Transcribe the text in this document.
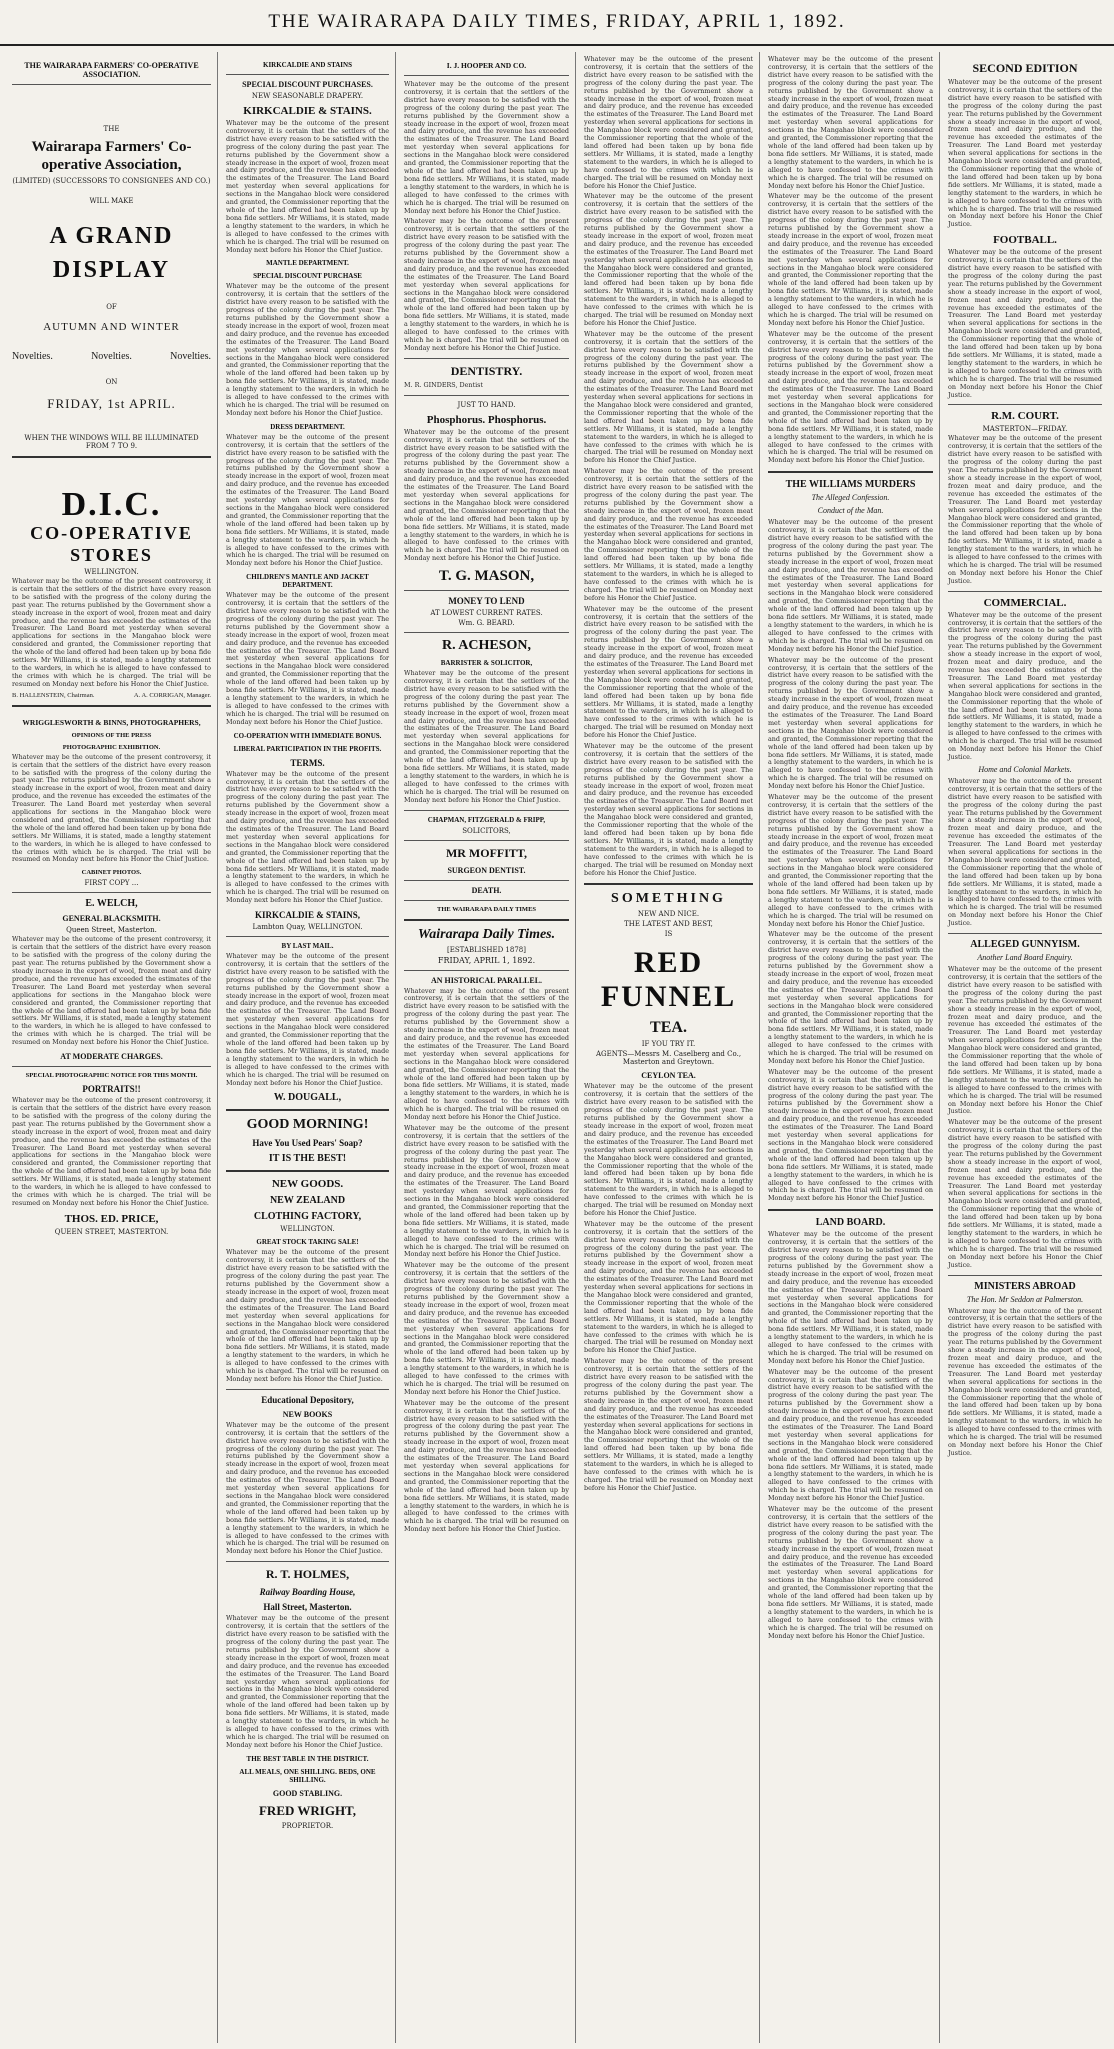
THE WAIRARAPA DAILY TIMES, FRIDAY, APRIL 1, 1892.
THE WAIRARAPA FARMERS' CO-OPERATIVE ASSOCIATION.
THE
Wairarapa Farmers' Co-operative Association,
(LIMITED) (SUCCESSORS TO CONSIGNEES AND CO.)
WILL MAKE
A GRAND DISPLAY
OF
AUTUMN AND WINTER
Novelties.	Novelties.	Novelties.
ON
FRIDAY, 1st APRIL.
WHEN THE WINDOWS WILL BE ILLUMINATED FROM 7 TO 9.
D.I.C.
CO-OPERATIVE STORES
WELLINGTON.

Whatever may be the outcome of the present controversy, it is certain that the settlers of the district have every reason to be satisfied with the progress of the colony during the past year. The returns published by the Government show a steady increase in the export of wool, frozen meat and dairy produce, and the revenue has exceeded the estimates of the Treasurer. The Land Board met yesterday when several applications for sections in the Mangahao block were considered and granted, the Commissioner reporting that the whole of the land offered had been taken up by bona fide settlers. Mr Williams, it is stated, made a lengthy statement to the warders, in which he is alleged to have confessed to the crimes with which he is charged. The trial will be resumed on Monday next before his Honor the Chief Justice.

B. HALLENSTEIN, Chairman.	A. A. CORRIGAN, Manager.
WRIGGLESWORTH & BINNS, PHOTOGRAPHERS,
OPINIONS OF THE PRESS
PHOTOGRAPHIC EXHIBITION.

Whatever may be the outcome of the present controversy, it is certain that the settlers of the district have every reason to be satisfied with the progress of the colony during the past year. The returns published by the Government show a steady increase in the export of wool, frozen meat and dairy produce, and the revenue has exceeded the estimates of the Treasurer. The Land Board met yesterday when several applications for sections in the Mangahao block were considered and granted, the Commissioner reporting that the whole of the land offered had been taken up by bona fide settlers. Mr Williams, it is stated, made a lengthy statement to the warders, in which he is alleged to have confessed to the crimes with which he is charged. The trial will be resumed on Monday next before his Honor the Chief Justice.

CABINET PHOTOS.
FIRST COPY ...
E. WELCH,
GENERAL BLACKSMITH.
Queen Street, Masterton.

Whatever may be the outcome of the present controversy, it is certain that the settlers of the district have every reason to be satisfied with the progress of the colony during the past year. The returns published by the Government show a steady increase in the export of wool, frozen meat and dairy produce, and the revenue has exceeded the estimates of the Treasurer. The Land Board met yesterday when several applications for sections in the Mangahao block were considered and granted, the Commissioner reporting that the whole of the land offered had been taken up by bona fide settlers. Mr Williams, it is stated, made a lengthy statement to the warders, in which he is alleged to have confessed to the crimes with which he is charged. The trial will be resumed on Monday next before his Honor the Chief Justice.

AT MODERATE CHARGES.
SPECIAL PHOTOGRAPHIC NOTICE FOR THIS MONTH.
PORTRAITS!!

Whatever may be the outcome of the present controversy, it is certain that the settlers of the district have every reason to be satisfied with the progress of the colony during the past year. The returns published by the Government show a steady increase in the export of wool, frozen meat and dairy produce, and the revenue has exceeded the estimates of the Treasurer. The Land Board met yesterday when several applications for sections in the Mangahao block were considered and granted, the Commissioner reporting that the whole of the land offered had been taken up by bona fide settlers. Mr Williams, it is stated, made a lengthy statement to the warders, in which he is alleged to have confessed to the crimes with which he is charged. The trial will be resumed on Monday next before his Honor the Chief Justice.

THOS. ED. PRICE,
QUEEN STREET, MASTERTON.
KIRKCALDIE AND STAINS
SPECIAL DISCOUNT PURCHASES.
NEW SEASONABLE DRAPERY.
KIRKCALDIE & STAINS.

Whatever may be the outcome of the present controversy, it is certain that the settlers of the district have every reason to be satisfied with the progress of the colony during the past year. The returns published by the Government show a steady increase in the export of wool, frozen meat and dairy produce, and the revenue has exceeded the estimates of the Treasurer. The Land Board met yesterday when several applications for sections in the Mangahao block were considered and granted, the Commissioner reporting that the whole of the land offered had been taken up by bona fide settlers. Mr Williams, it is stated, made a lengthy statement to the warders, in which he is alleged to have confessed to the crimes with which he is charged. The trial will be resumed on Monday next before his Honor the Chief Justice.

MANTLE DEPARTMENT.
SPECIAL DISCOUNT PURCHASE

Whatever may be the outcome of the present controversy, it is certain that the settlers of the district have every reason to be satisfied with the progress of the colony during the past year. The returns published by the Government show a steady increase in the export of wool, frozen meat and dairy produce, and the revenue has exceeded the estimates of the Treasurer. The Land Board met yesterday when several applications for sections in the Mangahao block were considered and granted, the Commissioner reporting that the whole of the land offered had been taken up by bona fide settlers. Mr Williams, it is stated, made a lengthy statement to the warders, in which he is alleged to have confessed to the crimes with which he is charged. The trial will be resumed on Monday next before his Honor the Chief Justice.

DRESS DEPARTMENT.

Whatever may be the outcome of the present controversy, it is certain that the settlers of the district have every reason to be satisfied with the progress of the colony during the past year. The returns published by the Government show a steady increase in the export of wool, frozen meat and dairy produce, and the revenue has exceeded the estimates of the Treasurer. The Land Board met yesterday when several applications for sections in the Mangahao block were considered and granted, the Commissioner reporting that the whole of the land offered had been taken up by bona fide settlers. Mr Williams, it is stated, made a lengthy statement to the warders, in which he is alleged to have confessed to the crimes with which he is charged. The trial will be resumed on Monday next before his Honor the Chief Justice.

CHILDREN'S MANTLE AND JACKET DEPARTMENT.

Whatever may be the outcome of the present controversy, it is certain that the settlers of the district have every reason to be satisfied with the progress of the colony during the past year. The returns published by the Government show a steady increase in the export of wool, frozen meat and dairy produce, and the revenue has exceeded the estimates of the Treasurer. The Land Board met yesterday when several applications for sections in the Mangahao block were considered and granted, the Commissioner reporting that the whole of the land offered had been taken up by bona fide settlers. Mr Williams, it is stated, made a lengthy statement to the warders, in which he is alleged to have confessed to the crimes with which he is charged. The trial will be resumed on Monday next before his Honor the Chief Justice.

CO-OPERATION WITH IMMEDIATE BONUS.
LIBERAL PARTICIPATION IN THE PROFITS.
TERMS.

Whatever may be the outcome of the present controversy, it is certain that the settlers of the district have every reason to be satisfied with the progress of the colony during the past year. The returns published by the Government show a steady increase in the export of wool, frozen meat and dairy produce, and the revenue has exceeded the estimates of the Treasurer. The Land Board met yesterday when several applications for sections in the Mangahao block were considered and granted, the Commissioner reporting that the whole of the land offered had been taken up by bona fide settlers. Mr Williams, it is stated, made a lengthy statement to the warders, in which he is alleged to have confessed to the crimes with which he is charged. The trial will be resumed on Monday next before his Honor the Chief Justice.

KIRKCALDIE & STAINS,
Lambton Quay, WELLINGTON.
BY LAST MAIL.

Whatever may be the outcome of the present controversy, it is certain that the settlers of the district have every reason to be satisfied with the progress of the colony during the past year. The returns published by the Government show a steady increase in the export of wool, frozen meat and dairy produce, and the revenue has exceeded the estimates of the Treasurer. The Land Board met yesterday when several applications for sections in the Mangahao block were considered and granted, the Commissioner reporting that the whole of the land offered had been taken up by bona fide settlers. Mr Williams, it is stated, made a lengthy statement to the warders, in which he is alleged to have confessed to the crimes with which he is charged. The trial will be resumed on Monday next before his Honor the Chief Justice.

W. DOUGALL,
GOOD MORNING!
Have You Used Pears' Soap?
IT IS THE BEST!
NEW GOODS.
NEW ZEALAND
CLOTHING FACTORY,
WELLINGTON.
GREAT STOCK TAKING SALE!

Whatever may be the outcome of the present controversy, it is certain that the settlers of the district have every reason to be satisfied with the progress of the colony during the past year. The returns published by the Government show a steady increase in the export of wool, frozen meat and dairy produce, and the revenue has exceeded the estimates of the Treasurer. The Land Board met yesterday when several applications for sections in the Mangahao block were considered and granted, the Commissioner reporting that the whole of the land offered had been taken up by bona fide settlers. Mr Williams, it is stated, made a lengthy statement to the warders, in which he is alleged to have confessed to the crimes with which he is charged. The trial will be resumed on Monday next before his Honor the Chief Justice.

Educational Depository,
NEW BOOKS

Whatever may be the outcome of the present controversy, it is certain that the settlers of the district have every reason to be satisfied with the progress of the colony during the past year. The returns published by the Government show a steady increase in the export of wool, frozen meat and dairy produce, and the revenue has exceeded the estimates of the Treasurer. The Land Board met yesterday when several applications for sections in the Mangahao block were considered and granted, the Commissioner reporting that the whole of the land offered had been taken up by bona fide settlers. Mr Williams, it is stated, made a lengthy statement to the warders, in which he is alleged to have confessed to the crimes with which he is charged. The trial will be resumed on Monday next before his Honor the Chief Justice.

R. T. HOLMES,
Railway Boarding House,
Hall Street, Masterton.

Whatever may be the outcome of the present controversy, it is certain that the settlers of the district have every reason to be satisfied with the progress of the colony during the past year. The returns published by the Government show a steady increase in the export of wool, frozen meat and dairy produce, and the revenue has exceeded the estimates of the Treasurer. The Land Board met yesterday when several applications for sections in the Mangahao block were considered and granted, the Commissioner reporting that the whole of the land offered had been taken up by bona fide settlers. Mr Williams, it is stated, made a lengthy statement to the warders, in which he is alleged to have confessed to the crimes with which he is charged. The trial will be resumed on Monday next before his Honor the Chief Justice.

THE BEST TABLE IN THE DISTRICT.
ALL MEALS, ONE SHILLING. BEDS, ONE SHILLING.
GOOD STABLING.
FRED WRIGHT,
PROPRIETOR.
I. J. HOOPER AND CO.

Whatever may be the outcome of the present controversy, it is certain that the settlers of the district have every reason to be satisfied with the progress of the colony during the past year. The returns published by the Government show a steady increase in the export of wool, frozen meat and dairy produce, and the revenue has exceeded the estimates of the Treasurer. The Land Board met yesterday when several applications for sections in the Mangahao block were considered and granted, the Commissioner reporting that the whole of the land offered had been taken up by bona fide settlers. Mr Williams, it is stated, made a lengthy statement to the warders, in which he is alleged to have confessed to the crimes with which he is charged. The trial will be resumed on Monday next before his Honor the Chief Justice.

Whatever may be the outcome of the present controversy, it is certain that the settlers of the district have every reason to be satisfied with the progress of the colony during the past year. The returns published by the Government show a steady increase in the export of wool, frozen meat and dairy produce, and the revenue has exceeded the estimates of the Treasurer. The Land Board met yesterday when several applications for sections in the Mangahao block were considered and granted, the Commissioner reporting that the whole of the land offered had been taken up by bona fide settlers. Mr Williams, it is stated, made a lengthy statement to the warders, in which he is alleged to have confessed to the crimes with which he is charged. The trial will be resumed on Monday next before his Honor the Chief Justice.

DENTISTRY.

M. R. GINDERS, Dentist

JUST TO HAND.
Phosphorus. Phosphorus.

Whatever may be the outcome of the present controversy, it is certain that the settlers of the district have every reason to be satisfied with the progress of the colony during the past year. The returns published by the Government show a steady increase in the export of wool, frozen meat and dairy produce, and the revenue has exceeded the estimates of the Treasurer. The Land Board met yesterday when several applications for sections in the Mangahao block were considered and granted, the Commissioner reporting that the whole of the land offered had been taken up by bona fide settlers. Mr Williams, it is stated, made a lengthy statement to the warders, in which he is alleged to have confessed to the crimes with which he is charged. The trial will be resumed on Monday next before his Honor the Chief Justice.

T. G. MASON,
MONEY TO LEND
AT LOWEST CURRENT RATES.
Wm. G. BEARD.
R. ACHESON,
BARRISTER & SOLICITOR,

Whatever may be the outcome of the present controversy, it is certain that the settlers of the district have every reason to be satisfied with the progress of the colony during the past year. The returns published by the Government show a steady increase in the export of wool, frozen meat and dairy produce, and the revenue has exceeded the estimates of the Treasurer. The Land Board met yesterday when several applications for sections in the Mangahao block were considered and granted, the Commissioner reporting that the whole of the land offered had been taken up by bona fide settlers. Mr Williams, it is stated, made a lengthy statement to the warders, in which he is alleged to have confessed to the crimes with which he is charged. The trial will be resumed on Monday next before his Honor the Chief Justice.

CHAPMAN, FITZGERALD & FRIPP,
SOLICITORS,
MR MOFFITT,
SURGEON DENTIST.
DEATH.
THE WAIRARAPA DAILY TIMES
Wairarapa Daily Times.
[ESTABLISHED 1878]
FRIDAY, APRIL 1, 1892.
AN HISTORICAL PARALLEL.

Whatever may be the outcome of the present controversy, it is certain that the settlers of the district have every reason to be satisfied with the progress of the colony during the past year. The returns published by the Government show a steady increase in the export of wool, frozen meat and dairy produce, and the revenue has exceeded the estimates of the Treasurer. The Land Board met yesterday when several applications for sections in the Mangahao block were considered and granted, the Commissioner reporting that the whole of the land offered had been taken up by bona fide settlers. Mr Williams, it is stated, made a lengthy statement to the warders, in which he is alleged to have confessed to the crimes with which he is charged. The trial will be resumed on Monday next before his Honor the Chief Justice.

Whatever may be the outcome of the present controversy, it is certain that the settlers of the district have every reason to be satisfied with the progress of the colony during the past year. The returns published by the Government show a steady increase in the export of wool, frozen meat and dairy produce, and the revenue has exceeded the estimates of the Treasurer. The Land Board met yesterday when several applications for sections in the Mangahao block were considered and granted, the Commissioner reporting that the whole of the land offered had been taken up by bona fide settlers. Mr Williams, it is stated, made a lengthy statement to the warders, in which he is alleged to have confessed to the crimes with which he is charged. The trial will be resumed on Monday next before his Honor the Chief Justice.

Whatever may be the outcome of the present controversy, it is certain that the settlers of the district have every reason to be satisfied with the progress of the colony during the past year. The returns published by the Government show a steady increase in the export of wool, frozen meat and dairy produce, and the revenue has exceeded the estimates of the Treasurer. The Land Board met yesterday when several applications for sections in the Mangahao block were considered and granted, the Commissioner reporting that the whole of the land offered had been taken up by bona fide settlers. Mr Williams, it is stated, made a lengthy statement to the warders, in which he is alleged to have confessed to the crimes with which he is charged. The trial will be resumed on Monday next before his Honor the Chief Justice.

Whatever may be the outcome of the present controversy, it is certain that the settlers of the district have every reason to be satisfied with the progress of the colony during the past year. The returns published by the Government show a steady increase in the export of wool, frozen meat and dairy produce, and the revenue has exceeded the estimates of the Treasurer. The Land Board met yesterday when several applications for sections in the Mangahao block were considered and granted, the Commissioner reporting that the whole of the land offered had been taken up by bona fide settlers. Mr Williams, it is stated, made a lengthy statement to the warders, in which he is alleged to have confessed to the crimes with which he is charged. The trial will be resumed on Monday next before his Honor the Chief Justice.

Whatever may be the outcome of the present controversy, it is certain that the settlers of the district have every reason to be satisfied with the progress of the colony during the past year. The returns published by the Government show a steady increase in the export of wool, frozen meat and dairy produce, and the revenue has exceeded the estimates of the Treasurer. The Land Board met yesterday when several applications for sections in the Mangahao block were considered and granted, the Commissioner reporting that the whole of the land offered had been taken up by bona fide settlers. Mr Williams, it is stated, made a lengthy statement to the warders, in which he is alleged to have confessed to the crimes with which he is charged. The trial will be resumed on Monday next before his Honor the Chief Justice.

Whatever may be the outcome of the present controversy, it is certain that the settlers of the district have every reason to be satisfied with the progress of the colony during the past year. The returns published by the Government show a steady increase in the export of wool, frozen meat and dairy produce, and the revenue has exceeded the estimates of the Treasurer. The Land Board met yesterday when several applications for sections in the Mangahao block were considered and granted, the Commissioner reporting that the whole of the land offered had been taken up by bona fide settlers. Mr Williams, it is stated, made a lengthy statement to the warders, in which he is alleged to have confessed to the crimes with which he is charged. The trial will be resumed on Monday next before his Honor the Chief Justice.

Whatever may be the outcome of the present controversy, it is certain that the settlers of the district have every reason to be satisfied with the progress of the colony during the past year. The returns published by the Government show a steady increase in the export of wool, frozen meat and dairy produce, and the revenue has exceeded the estimates of the Treasurer. The Land Board met yesterday when several applications for sections in the Mangahao block were considered and granted, the Commissioner reporting that the whole of the land offered had been taken up by bona fide settlers. Mr Williams, it is stated, made a lengthy statement to the warders, in which he is alleged to have confessed to the crimes with which he is charged. The trial will be resumed on Monday next before his Honor the Chief Justice.

Whatever may be the outcome of the present controversy, it is certain that the settlers of the district have every reason to be satisfied with the progress of the colony during the past year. The returns published by the Government show a steady increase in the export of wool, frozen meat and dairy produce, and the revenue has exceeded the estimates of the Treasurer. The Land Board met yesterday when several applications for sections in the Mangahao block were considered and granted, the Commissioner reporting that the whole of the land offered had been taken up by bona fide settlers. Mr Williams, it is stated, made a lengthy statement to the warders, in which he is alleged to have confessed to the crimes with which he is charged. The trial will be resumed on Monday next before his Honor the Chief Justice.

Whatever may be the outcome of the present controversy, it is certain that the settlers of the district have every reason to be satisfied with the progress of the colony during the past year. The returns published by the Government show a steady increase in the export of wool, frozen meat and dairy produce, and the revenue has exceeded the estimates of the Treasurer. The Land Board met yesterday when several applications for sections in the Mangahao block were considered and granted, the Commissioner reporting that the whole of the land offered had been taken up by bona fide settlers. Mr Williams, it is stated, made a lengthy statement to the warders, in which he is alleged to have confessed to the crimes with which he is charged. The trial will be resumed on Monday next before his Honor the Chief Justice.

Whatever may be the outcome of the present controversy, it is certain that the settlers of the district have every reason to be satisfied with the progress of the colony during the past year. The returns published by the Government show a steady increase in the export of wool, frozen meat and dairy produce, and the revenue has exceeded the estimates of the Treasurer. The Land Board met yesterday when several applications for sections in the Mangahao block were considered and granted, the Commissioner reporting that the whole of the land offered had been taken up by bona fide settlers. Mr Williams, it is stated, made a lengthy statement to the warders, in which he is alleged to have confessed to the crimes with which he is charged. The trial will be resumed on Monday next before his Honor the Chief Justice.

SOMETHING
NEW AND NICE.
THE LATEST AND BEST,
IS
RED FUNNEL
TEA.
IF YOU TRY IT.
AGENTS—Messrs M. Caselberg and Co., Masterton and Greytown.
CEYLON TEA.

Whatever may be the outcome of the present controversy, it is certain that the settlers of the district have every reason to be satisfied with the progress of the colony during the past year. The returns published by the Government show a steady increase in the export of wool, frozen meat and dairy produce, and the revenue has exceeded the estimates of the Treasurer. The Land Board met yesterday when several applications for sections in the Mangahao block were considered and granted, the Commissioner reporting that the whole of the land offered had been taken up by bona fide settlers. Mr Williams, it is stated, made a lengthy statement to the warders, in which he is alleged to have confessed to the crimes with which he is charged. The trial will be resumed on Monday next before his Honor the Chief Justice.

Whatever may be the outcome of the present controversy, it is certain that the settlers of the district have every reason to be satisfied with the progress of the colony during the past year. The returns published by the Government show a steady increase in the export of wool, frozen meat and dairy produce, and the revenue has exceeded the estimates of the Treasurer. The Land Board met yesterday when several applications for sections in the Mangahao block were considered and granted, the Commissioner reporting that the whole of the land offered had been taken up by bona fide settlers. Mr Williams, it is stated, made a lengthy statement to the warders, in which he is alleged to have confessed to the crimes with which he is charged. The trial will be resumed on Monday next before his Honor the Chief Justice.

Whatever may be the outcome of the present controversy, it is certain that the settlers of the district have every reason to be satisfied with the progress of the colony during the past year. The returns published by the Government show a steady increase in the export of wool, frozen meat and dairy produce, and the revenue has exceeded the estimates of the Treasurer. The Land Board met yesterday when several applications for sections in the Mangahao block were considered and granted, the Commissioner reporting that the whole of the land offered had been taken up by bona fide settlers. Mr Williams, it is stated, made a lengthy statement to the warders, in which he is alleged to have confessed to the crimes with which he is charged. The trial will be resumed on Monday next before his Honor the Chief Justice.

Whatever may be the outcome of the present controversy, it is certain that the settlers of the district have every reason to be satisfied with the progress of the colony during the past year. The returns published by the Government show a steady increase in the export of wool, frozen meat and dairy produce, and the revenue has exceeded the estimates of the Treasurer. The Land Board met yesterday when several applications for sections in the Mangahao block were considered and granted, the Commissioner reporting that the whole of the land offered had been taken up by bona fide settlers. Mr Williams, it is stated, made a lengthy statement to the warders, in which he is alleged to have confessed to the crimes with which he is charged. The trial will be resumed on Monday next before his Honor the Chief Justice.

Whatever may be the outcome of the present controversy, it is certain that the settlers of the district have every reason to be satisfied with the progress of the colony during the past year. The returns published by the Government show a steady increase in the export of wool, frozen meat and dairy produce, and the revenue has exceeded the estimates of the Treasurer. The Land Board met yesterday when several applications for sections in the Mangahao block were considered and granted, the Commissioner reporting that the whole of the land offered had been taken up by bona fide settlers. Mr Williams, it is stated, made a lengthy statement to the warders, in which he is alleged to have confessed to the crimes with which he is charged. The trial will be resumed on Monday next before his Honor the Chief Justice.

Whatever may be the outcome of the present controversy, it is certain that the settlers of the district have every reason to be satisfied with the progress of the colony during the past year. The returns published by the Government show a steady increase in the export of wool, frozen meat and dairy produce, and the revenue has exceeded the estimates of the Treasurer. The Land Board met yesterday when several applications for sections in the Mangahao block were considered and granted, the Commissioner reporting that the whole of the land offered had been taken up by bona fide settlers. Mr Williams, it is stated, made a lengthy statement to the warders, in which he is alleged to have confessed to the crimes with which he is charged. The trial will be resumed on Monday next before his Honor the Chief Justice.

THE WILLIAMS MURDERS
The Alleged Confession.
Conduct of the Man.

Whatever may be the outcome of the present controversy, it is certain that the settlers of the district have every reason to be satisfied with the progress of the colony during the past year. The returns published by the Government show a steady increase in the export of wool, frozen meat and dairy produce, and the revenue has exceeded the estimates of the Treasurer. The Land Board met yesterday when several applications for sections in the Mangahao block were considered and granted, the Commissioner reporting that the whole of the land offered had been taken up by bona fide settlers. Mr Williams, it is stated, made a lengthy statement to the warders, in which he is alleged to have confessed to the crimes with which he is charged. The trial will be resumed on Monday next before his Honor the Chief Justice.

Whatever may be the outcome of the present controversy, it is certain that the settlers of the district have every reason to be satisfied with the progress of the colony during the past year. The returns published by the Government show a steady increase in the export of wool, frozen meat and dairy produce, and the revenue has exceeded the estimates of the Treasurer. The Land Board met yesterday when several applications for sections in the Mangahao block were considered and granted, the Commissioner reporting that the whole of the land offered had been taken up by bona fide settlers. Mr Williams, it is stated, made a lengthy statement to the warders, in which he is alleged to have confessed to the crimes with which he is charged. The trial will be resumed on Monday next before his Honor the Chief Justice.

Whatever may be the outcome of the present controversy, it is certain that the settlers of the district have every reason to be satisfied with the progress of the colony during the past year. The returns published by the Government show a steady increase in the export of wool, frozen meat and dairy produce, and the revenue has exceeded the estimates of the Treasurer. The Land Board met yesterday when several applications for sections in the Mangahao block were considered and granted, the Commissioner reporting that the whole of the land offered had been taken up by bona fide settlers. Mr Williams, it is stated, made a lengthy statement to the warders, in which he is alleged to have confessed to the crimes with which he is charged. The trial will be resumed on Monday next before his Honor the Chief Justice.

Whatever may be the outcome of the present controversy, it is certain that the settlers of the district have every reason to be satisfied with the progress of the colony during the past year. The returns published by the Government show a steady increase in the export of wool, frozen meat and dairy produce, and the revenue has exceeded the estimates of the Treasurer. The Land Board met yesterday when several applications for sections in the Mangahao block were considered and granted, the Commissioner reporting that the whole of the land offered had been taken up by bona fide settlers. Mr Williams, it is stated, made a lengthy statement to the warders, in which he is alleged to have confessed to the crimes with which he is charged. The trial will be resumed on Monday next before his Honor the Chief Justice.

Whatever may be the outcome of the present controversy, it is certain that the settlers of the district have every reason to be satisfied with the progress of the colony during the past year. The returns published by the Government show a steady increase in the export of wool, frozen meat and dairy produce, and the revenue has exceeded the estimates of the Treasurer. The Land Board met yesterday when several applications for sections in the Mangahao block were considered and granted, the Commissioner reporting that the whole of the land offered had been taken up by bona fide settlers. Mr Williams, it is stated, made a lengthy statement to the warders, in which he is alleged to have confessed to the crimes with which he is charged. The trial will be resumed on Monday next before his Honor the Chief Justice.

LAND BOARD.

Whatever may be the outcome of the present controversy, it is certain that the settlers of the district have every reason to be satisfied with the progress of the colony during the past year. The returns published by the Government show a steady increase in the export of wool, frozen meat and dairy produce, and the revenue has exceeded the estimates of the Treasurer. The Land Board met yesterday when several applications for sections in the Mangahao block were considered and granted, the Commissioner reporting that the whole of the land offered had been taken up by bona fide settlers. Mr Williams, it is stated, made a lengthy statement to the warders, in which he is alleged to have confessed to the crimes with which he is charged. The trial will be resumed on Monday next before his Honor the Chief Justice.

Whatever may be the outcome of the present controversy, it is certain that the settlers of the district have every reason to be satisfied with the progress of the colony during the past year. The returns published by the Government show a steady increase in the export of wool, frozen meat and dairy produce, and the revenue has exceeded the estimates of the Treasurer. The Land Board met yesterday when several applications for sections in the Mangahao block were considered and granted, the Commissioner reporting that the whole of the land offered had been taken up by bona fide settlers. Mr Williams, it is stated, made a lengthy statement to the warders, in which he is alleged to have confessed to the crimes with which he is charged. The trial will be resumed on Monday next before his Honor the Chief Justice.

Whatever may be the outcome of the present controversy, it is certain that the settlers of the district have every reason to be satisfied with the progress of the colony during the past year. The returns published by the Government show a steady increase in the export of wool, frozen meat and dairy produce, and the revenue has exceeded the estimates of the Treasurer. The Land Board met yesterday when several applications for sections in the Mangahao block were considered and granted, the Commissioner reporting that the whole of the land offered had been taken up by bona fide settlers. Mr Williams, it is stated, made a lengthy statement to the warders, in which he is alleged to have confessed to the crimes with which he is charged. The trial will be resumed on Monday next before his Honor the Chief Justice.

SECOND EDITION

Whatever may be the outcome of the present controversy, it is certain that the settlers of the district have every reason to be satisfied with the progress of the colony during the past year. The returns published by the Government show a steady increase in the export of wool, frozen meat and dairy produce, and the revenue has exceeded the estimates of the Treasurer. The Land Board met yesterday when several applications for sections in the Mangahao block were considered and granted, the Commissioner reporting that the whole of the land offered had been taken up by bona fide settlers. Mr Williams, it is stated, made a lengthy statement to the warders, in which he is alleged to have confessed to the crimes with which he is charged. The trial will be resumed on Monday next before his Honor the Chief Justice.

FOOTBALL.

Whatever may be the outcome of the present controversy, it is certain that the settlers of the district have every reason to be satisfied with the progress of the colony during the past year. The returns published by the Government show a steady increase in the export of wool, frozen meat and dairy produce, and the revenue has exceeded the estimates of the Treasurer. The Land Board met yesterday when several applications for sections in the Mangahao block were considered and granted, the Commissioner reporting that the whole of the land offered had been taken up by bona fide settlers. Mr Williams, it is stated, made a lengthy statement to the warders, in which he is alleged to have confessed to the crimes with which he is charged. The trial will be resumed on Monday next before his Honor the Chief Justice.

R.M. COURT.
MASTERTON—FRIDAY.

Whatever may be the outcome of the present controversy, it is certain that the settlers of the district have every reason to be satisfied with the progress of the colony during the past year. The returns published by the Government show a steady increase in the export of wool, frozen meat and dairy produce, and the revenue has exceeded the estimates of the Treasurer. The Land Board met yesterday when several applications for sections in the Mangahao block were considered and granted, the Commissioner reporting that the whole of the land offered had been taken up by bona fide settlers. Mr Williams, it is stated, made a lengthy statement to the warders, in which he is alleged to have confessed to the crimes with which he is charged. The trial will be resumed on Monday next before his Honor the Chief Justice.

COMMERCIAL.

Whatever may be the outcome of the present controversy, it is certain that the settlers of the district have every reason to be satisfied with the progress of the colony during the past year. The returns published by the Government show a steady increase in the export of wool, frozen meat and dairy produce, and the revenue has exceeded the estimates of the Treasurer. The Land Board met yesterday when several applications for sections in the Mangahao block were considered and granted, the Commissioner reporting that the whole of the land offered had been taken up by bona fide settlers. Mr Williams, it is stated, made a lengthy statement to the warders, in which he is alleged to have confessed to the crimes with which he is charged. The trial will be resumed on Monday next before his Honor the Chief Justice.

Home and Colonial Markets.

Whatever may be the outcome of the present controversy, it is certain that the settlers of the district have every reason to be satisfied with the progress of the colony during the past year. The returns published by the Government show a steady increase in the export of wool, frozen meat and dairy produce, and the revenue has exceeded the estimates of the Treasurer. The Land Board met yesterday when several applications for sections in the Mangahao block were considered and granted, the Commissioner reporting that the whole of the land offered had been taken up by bona fide settlers. Mr Williams, it is stated, made a lengthy statement to the warders, in which he is alleged to have confessed to the crimes with which he is charged. The trial will be resumed on Monday next before his Honor the Chief Justice.

ALLEGED GUNNYISM.
Another Land Board Enquiry.

Whatever may be the outcome of the present controversy, it is certain that the settlers of the district have every reason to be satisfied with the progress of the colony during the past year. The returns published by the Government show a steady increase in the export of wool, frozen meat and dairy produce, and the revenue has exceeded the estimates of the Treasurer. The Land Board met yesterday when several applications for sections in the Mangahao block were considered and granted, the Commissioner reporting that the whole of the land offered had been taken up by bona fide settlers. Mr Williams, it is stated, made a lengthy statement to the warders, in which he is alleged to have confessed to the crimes with which he is charged. The trial will be resumed on Monday next before his Honor the Chief Justice.

Whatever may be the outcome of the present controversy, it is certain that the settlers of the district have every reason to be satisfied with the progress of the colony during the past year. The returns published by the Government show a steady increase in the export of wool, frozen meat and dairy produce, and the revenue has exceeded the estimates of the Treasurer. The Land Board met yesterday when several applications for sections in the Mangahao block were considered and granted, the Commissioner reporting that the whole of the land offered had been taken up by bona fide settlers. Mr Williams, it is stated, made a lengthy statement to the warders, in which he is alleged to have confessed to the crimes with which he is charged. The trial will be resumed on Monday next before his Honor the Chief Justice.

MINISTERS ABROAD
The Hon. Mr Seddon at Palmerston.

Whatever may be the outcome of the present controversy, it is certain that the settlers of the district have every reason to be satisfied with the progress of the colony during the past year. The returns published by the Government show a steady increase in the export of wool, frozen meat and dairy produce, and the revenue has exceeded the estimates of the Treasurer. The Land Board met yesterday when several applications for sections in the Mangahao block were considered and granted, the Commissioner reporting that the whole of the land offered had been taken up by bona fide settlers. Mr Williams, it is stated, made a lengthy statement to the warders, in which he is alleged to have confessed to the crimes with which he is charged. The trial will be resumed on Monday next before his Honor the Chief Justice.
